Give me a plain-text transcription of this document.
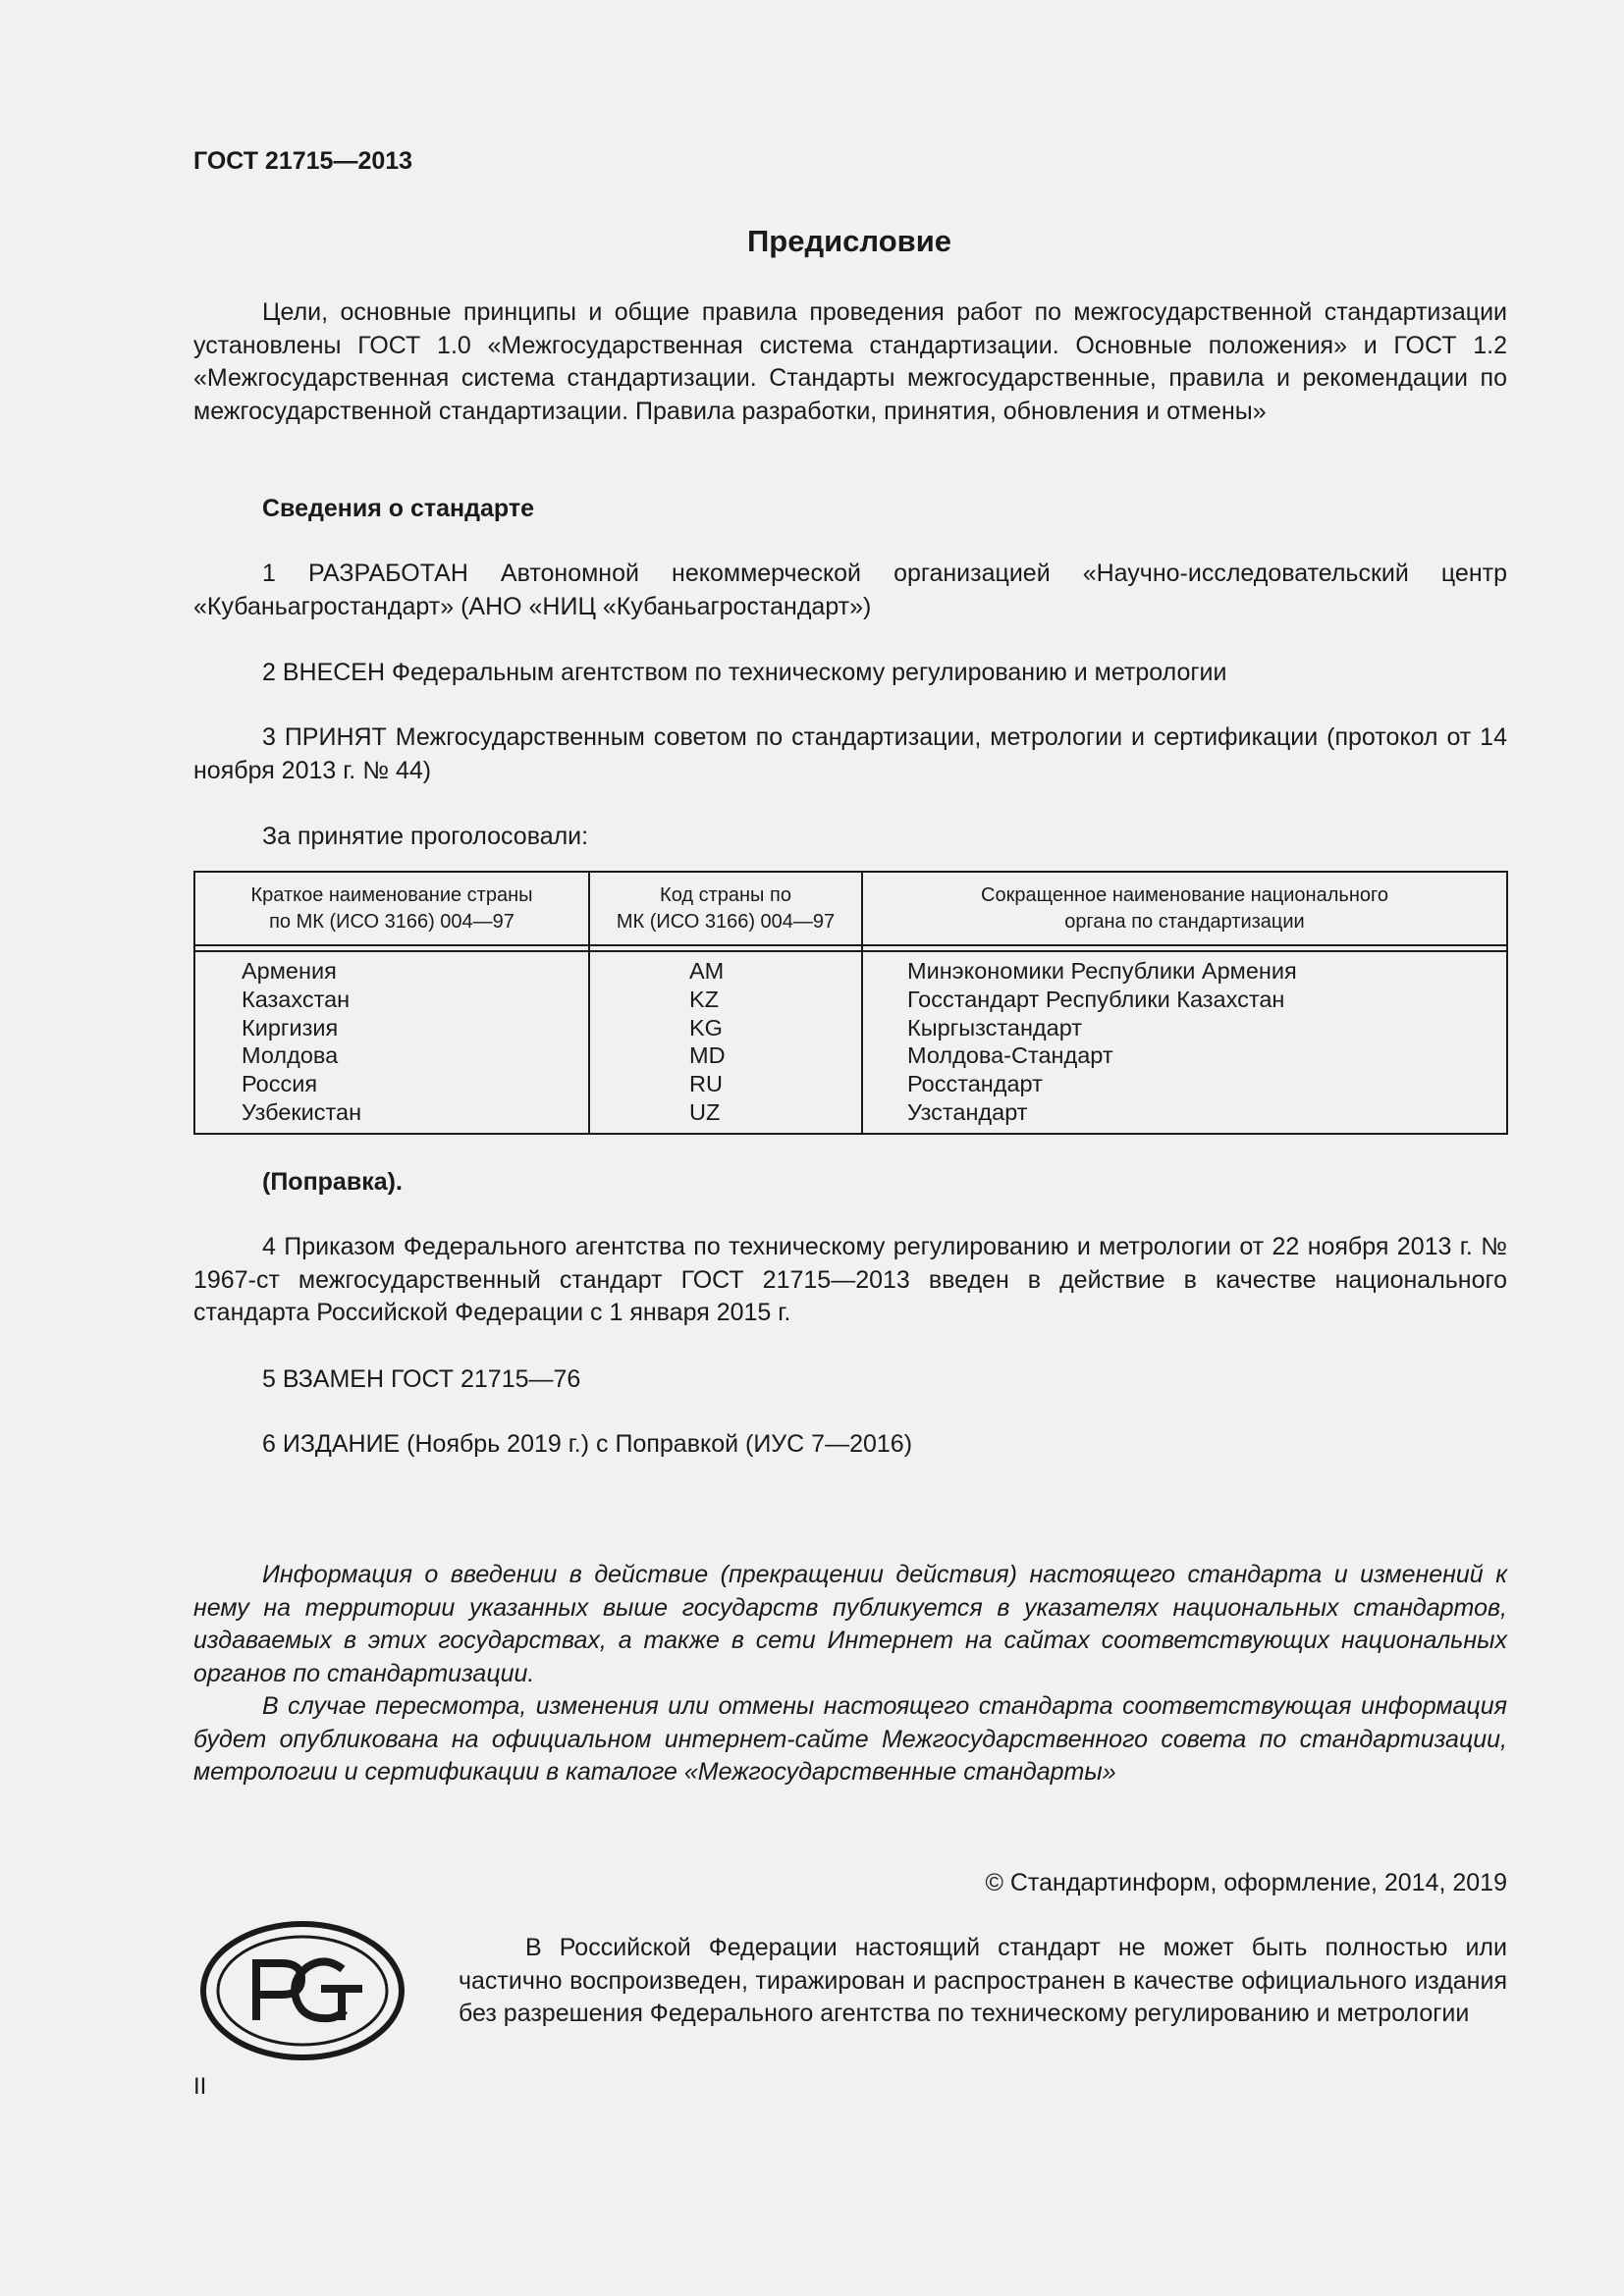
ГОСТ 21715—2013
Предисловие

Цели, основные принципы и общие правила проведения работ по межгосударственной стандартизации установлены ГОСТ 1.0 «Межгосударственная система стандартизации. Основные положения» и ГОСТ 1.2 «Межгосударственная система стандартизации. Стандарты межгосударственные, правила и рекомендации по межгосударственной стандартизации. Правила разработки, принятия, обновления и отмены»

Сведения о стандарте

1 РАЗРАБОТАН Автономной некоммерческой организацией «Научно-исследовательский центр «Кубаньагростандарт» (АНО «НИЦ «Кубаньагростандарт»)

2 ВНЕСЕН Федеральным агентством по техническому регулированию и метрологии

3 ПРИНЯТ Межгосударственным советом по стандартизации, метрологии и сертификации (протокол от 14 ноября 2013 г. № 44)

За принятие проголосовали:

Краткое наименование страны
по МК (ИСО 3166) 004—97
Код страны по
МК (ИСО 3166) 004—97
Сокращенное наименование национального
органа по стандартизации
Армения
Казахстан
Киргизия
Молдова
Россия
Узбекистан
AM
KZ
KG
MD
RU
UZ
Минэкономики Республики Армения
Госстандарт Республики Казахстан
Кыргызстандарт
Молдова-Стандарт
Росстандарт
Узстандарт

(Поправка).

4 Приказом Федерального агентства по техническому регулированию и метрологии от 22 ноября 2013 г. № 1967-ст межгосударственный стандарт ГОСТ 21715—2013 введен в действие в качестве национального стандарта Российской Федерации с 1 января 2015 г.

5 ВЗАМЕН ГОСТ 21715—76

6 ИЗДАНИЕ (Ноябрь 2019 г.) с Поправкой (ИУС 7—2016)

Информация о введении в действие (прекращении действия) настоящего стандарта и изменений к нему на территории указанных выше государств публикуется в указателях национальных стандартов, издаваемых в этих государствах, а также в сети Интернет на сайтах соответствующих национальных органов по стандартизации.

В случае пересмотра, изменения или отмены настоящего стандарта соответствующая информация будет опубликована на официальном интернет-сайте Межгосударственного совета по стандартизации, метрологии и сертификации в каталоге «Межгосударственные стандарты»

© Стандартинформ, оформление, 2014, 2019

В Российской Федерации настоящий стандарт не может быть полностью или частично воспроизведен, тиражирован и распространен в качестве официального издания без разрешения Федерального агентства по техническому регулированию и метрологии

II
